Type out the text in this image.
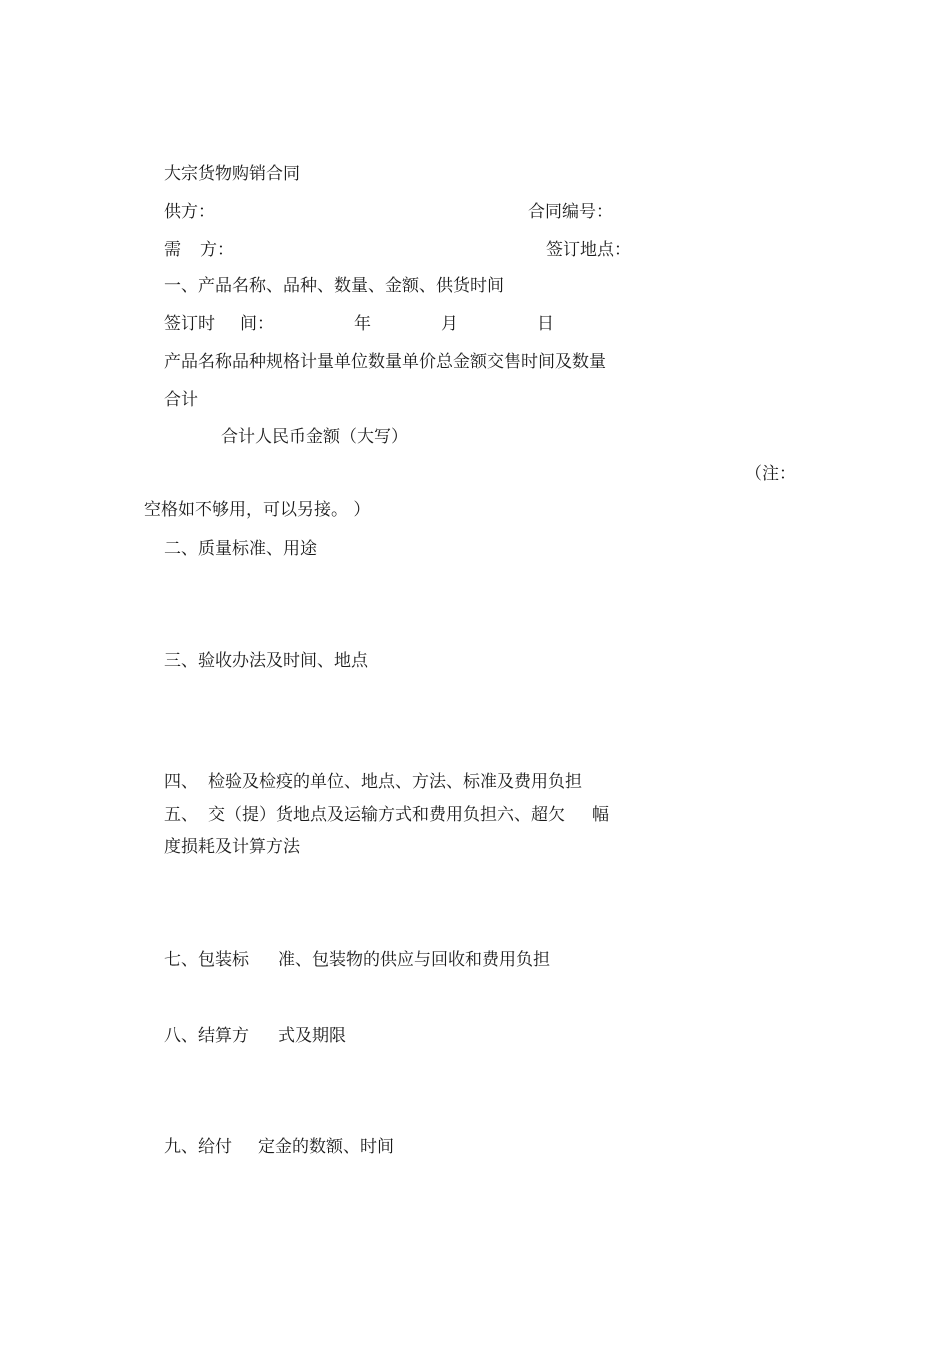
大宗货物购销合同
供方：	合同编号：
需 方：	签订地点：
一、产品名称、品种、数量、金额、供货时间
签订时 间：	年	月	日
产品名称品种规格计量单位数量单价总金额交售时间及数量
合计
合计人民币金额（大写）
（注：
空格如不够用，可以另接。 ）
二、质量标准、用途
三、验收办法及时间、地点
四、 检验及检疫的单位、地点、方法、标准及费用负担
五、 交（提）货地点及运输方式和费用负担六、超欠 幅
度损耗及计算方法
七、包装标 准、包装物的供应与回收和费用负担
八、结算方 式及期限
九、给付 定金的数额、时间
